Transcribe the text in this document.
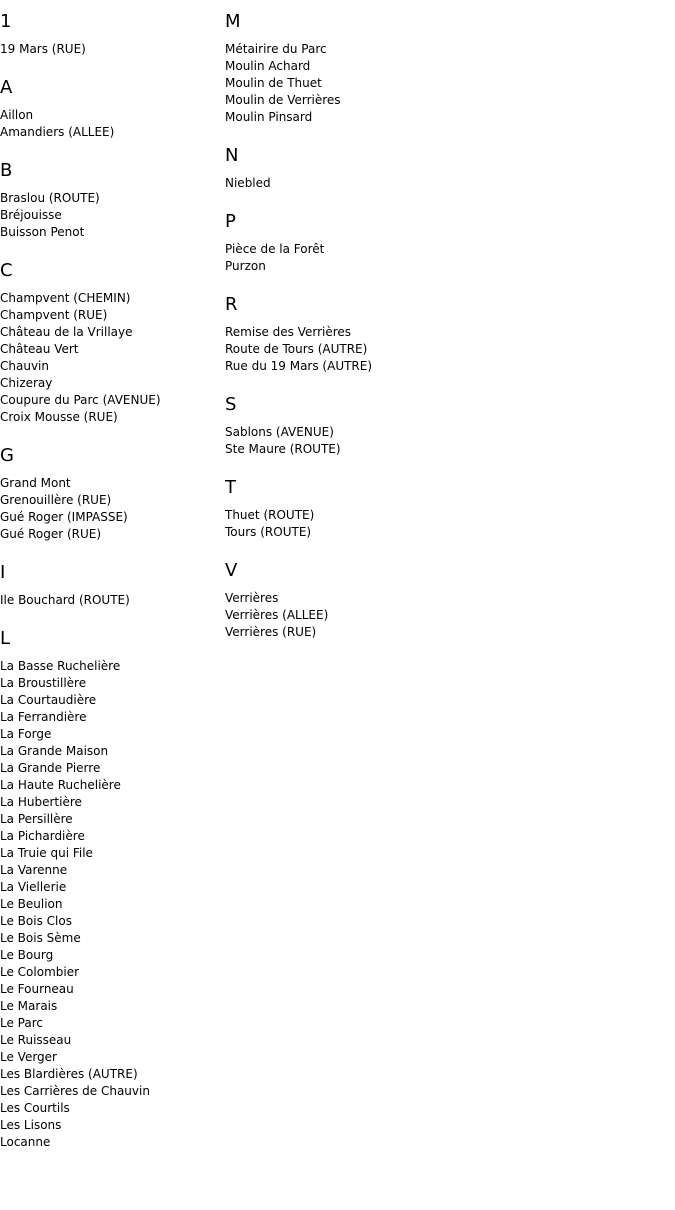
1
19 Mars (RUE)
A
Aillon
Amandiers (ALLEE)
B
Braslou (ROUTE)
Bréjouisse
Buisson Penot
C
Champvent (CHEMIN)
Champvent (RUE)
Château de la Vrillaye
Château Vert
Chauvin
Chizeray
Coupure du Parc (AVENUE)
Croix Mousse (RUE)
G
Grand Mont
Grenouillère (RUE)
Gué Roger (IMPASSE)
Gué Roger (RUE)
I
Ile Bouchard (ROUTE)
L
La Basse Ruchelière
La Broustillère
La Courtaudière
La Ferrandière
La Forge
La Grande Maison
La Grande Pierre
La Haute Ruchelière
La Hubertière
La Persillère
La Pichardière
La Truie qui File
La Varenne
La Viellerie
Le Beulion
Le Bois Clos
Le Bois Sème
Le Bourg
Le Colombier
Le Fourneau
Le Marais
Le Parc
Le Ruisseau
Le Verger
Les Blardières (AUTRE)
Les Carrières de Chauvin
Les Courtils
Les Lisons
Locanne
M
Métairire du Parc
Moulin Achard
Moulin de Thuet
Moulin de Verrières
Moulin Pinsard
N
Niebled
P
Pièce de la Forêt
Purzon
R
Remise des Verrières
Route de Tours (AUTRE)
Rue du 19 Mars (AUTRE)
S
Sablons (AVENUE)
Ste Maure (ROUTE)
T
Thuet (ROUTE)
Tours (ROUTE)
V
Verrières
Verrières (ALLEE)
Verrières (RUE)
